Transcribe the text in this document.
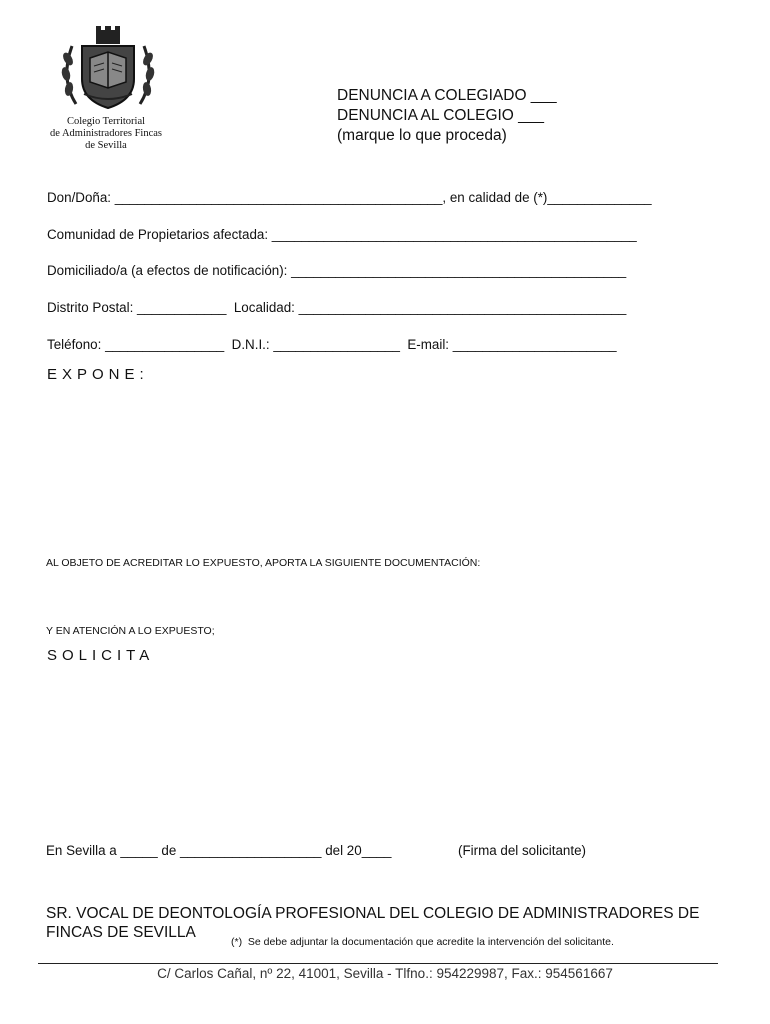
Colegio Territorial
de Administradores Fincas
de Sevilla
DENUNCIA A COLEGIADO ___
DENUNCIA AL COLEGIO ___
(marque lo que proceda)
Don/Doña: ____________________________________________, en calidad de (*)______________
Comunidad de Propietarios afectada: _________________________________________________
Domiciliado/a (a efectos de notificación): _____________________________________________
Distrito Postal: ____________  Localidad: ____________________________________________
Teléfono: ________________  D.N.I.: _________________  E-mail: ______________________
EXPONE:
AL OBJETO DE ACREDITAR LO EXPUESTO, APORTA LA SIGUIENTE DOCUMENTACIÓN:
Y EN ATENCIÓN A LO EXPUESTO;
SOLICITA
En Sevilla a _____ de ___________________ del 20____	(Firma del solicitante)
SR. VOCAL DE DEONTOLOGÍA PROFESIONAL DEL COLEGIO DE ADMINISTRADORES DE FINCAS DE SEVILLA
(*)  Se debe adjuntar la documentación que acredite la intervención del solicitante.
C/ Carlos Cañal, nº 22, 41001, Sevilla - Tlfno.: 954229987, Fax.: 954561667
